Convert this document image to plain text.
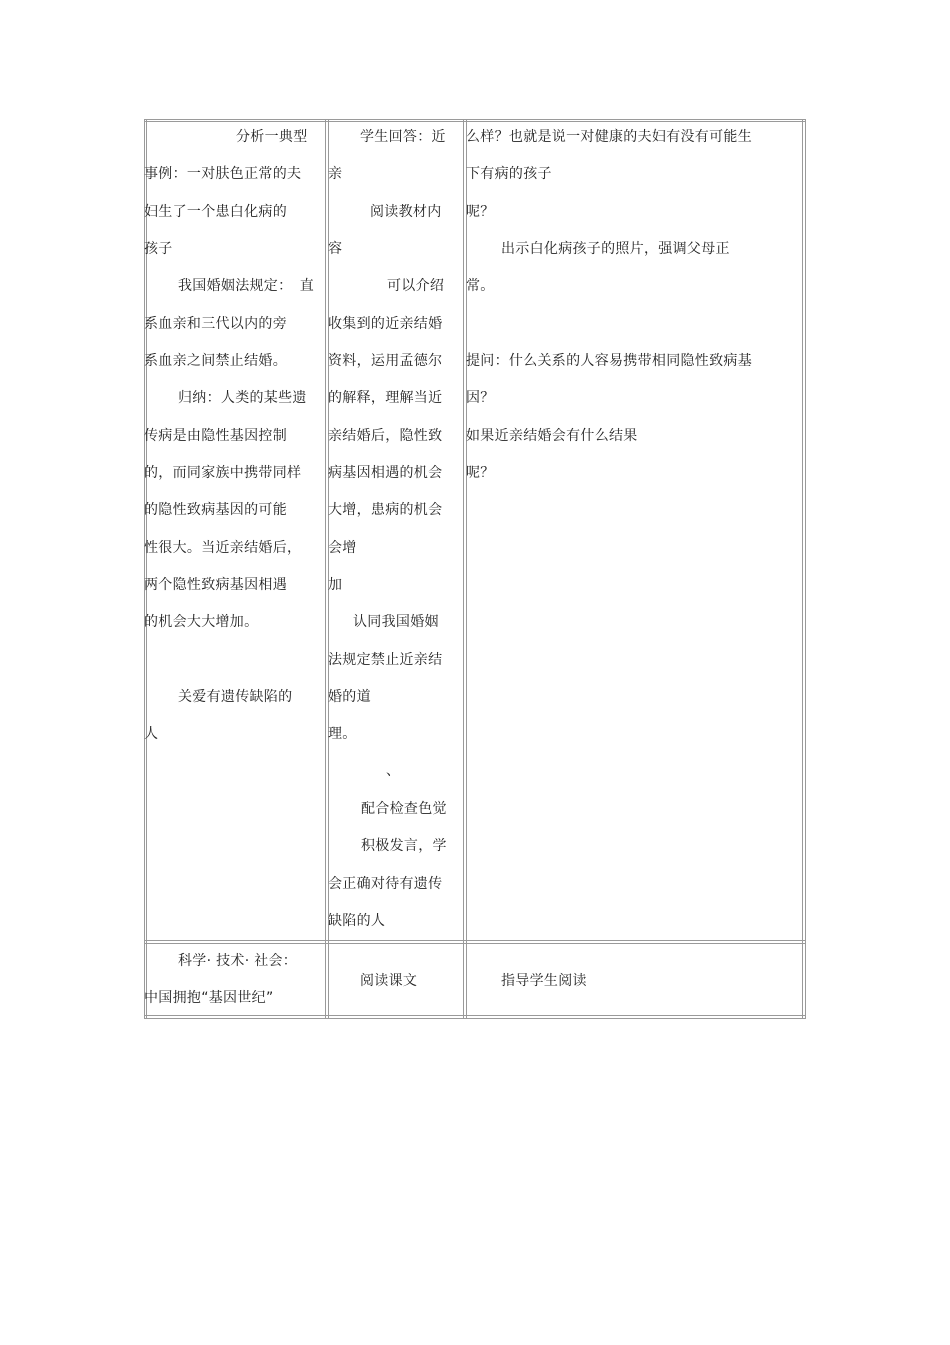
分析一典型
事例：一对肤色正常的夫
妇生了一个患白化病的
孩子
我国婚姻法规定：　直
系血亲和三代以内的旁
系血亲之间禁止结婚。
归纳：人类的某些遗
传病是由隐性基因控制
的，而同家族中携带同样
的隐性致病基因的可能
性很大。当近亲结婚后，
两个隐性致病基因相遇
的机会大大增加。
关爱有遗传缺陷的
人
学生回答：近
亲
阅读教材内
容
可以介绍
收集到的近亲结婚
资料，运用孟德尔
的解释，理解当近
亲结婚后，隐性致
病基因相遇的机会
大增，患病的机会
会增
加
认同我国婚姻
法规定禁止近亲结
婚的道
理。
、
配合检查色觉
积极发言，学
会正确对待有遗传
缺陷的人
么样？也就是说一对健康的夫妇有没有可能生
下有病的孩子
呢？
出示白化病孩子的照片，强调父母正
常。
提问：什么关系的人容易携带相同隐性致病基
因？
如果近亲结婚会有什么结果
呢？
科学· 技术· 社会：
中国拥抱“基因世纪”
阅读课文	指导学生阅读
